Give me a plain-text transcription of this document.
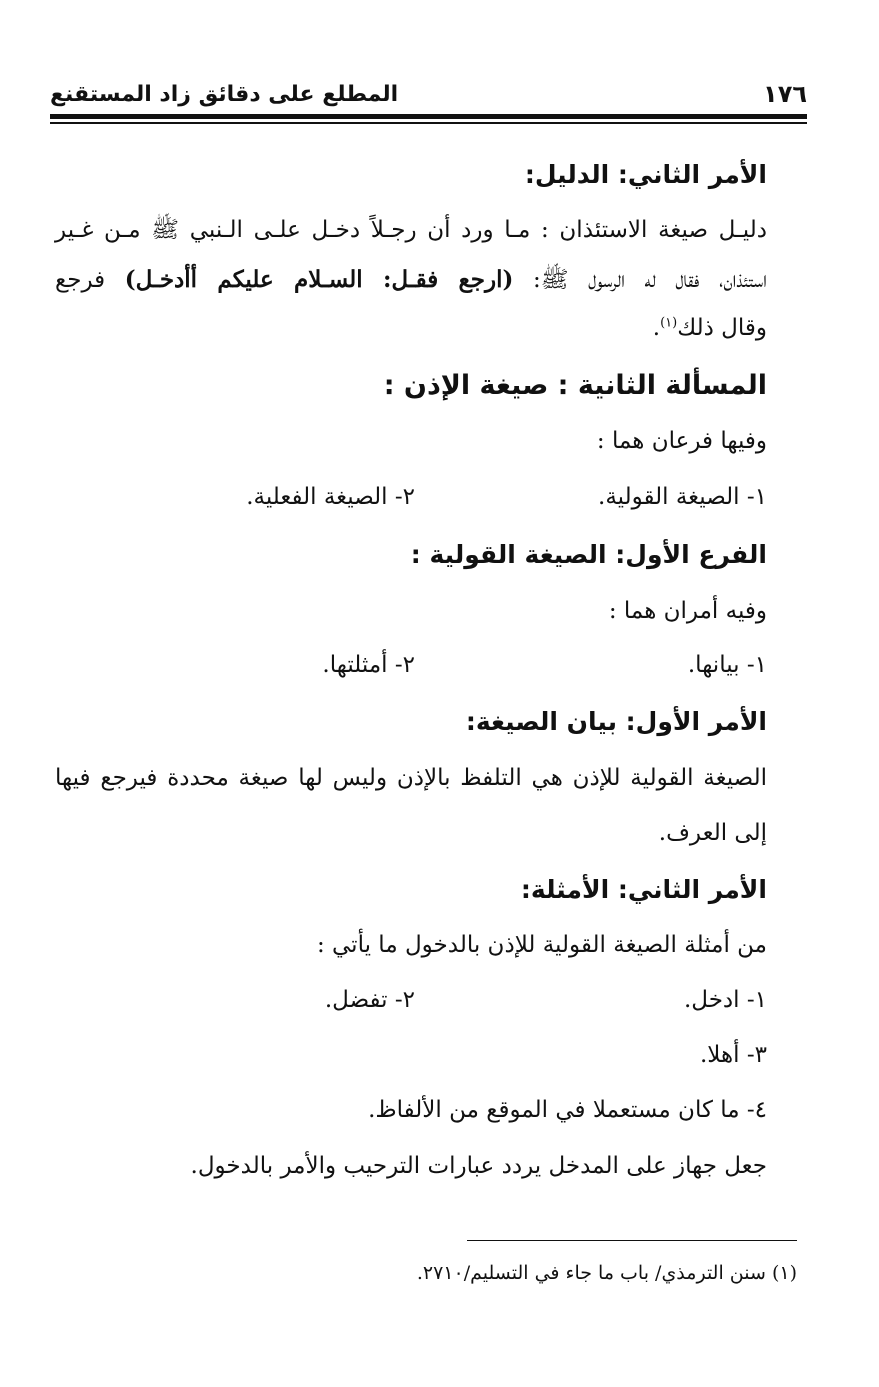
١٧٦
المطلع على دقائق زاد المستقنع
الأمر الثاني: الدليل:
دليـل صيغة الاستئذان : مـا ورد أن رجـلاً دخـل علـى الـنبي ﷺ مـن غـير
استئذان، فقال له الرسول ﷺ: (ارجع فقـل: السـلام عليكم أأدخـل) فرجع
وقال ذلك$^{(١)}$.
المسألة الثانية : صيغة الإذن :
وفيها فرعان هما :
١- الصيغة القولية.
٢- الصيغة الفعلية.
الفرع الأول: الصيغة القولية :
وفيه أمران هما :
١- بيانها.
٢- أمثلتها.
الأمر الأول: بيان الصيغة:
الصيغة القولية للإذن هي التلفظ بالإذن وليس لها صيغة محددة فيرجع فيها
إلى العرف.
الأمر الثاني: الأمثلة:
من أمثلة الصيغة القولية للإذن بالدخول ما يأتي :
١- ادخل.
٢- تفضل.
٣- أهلا.
٤- ما كان مستعملا في الموقع من الألفاظ.
جعل جهاز على المدخل يردد عبارات الترحيب والأمر بالدخول.
(١) سنن الترمذي/ باب ما جاء في التسليم/٢٧١٠.
